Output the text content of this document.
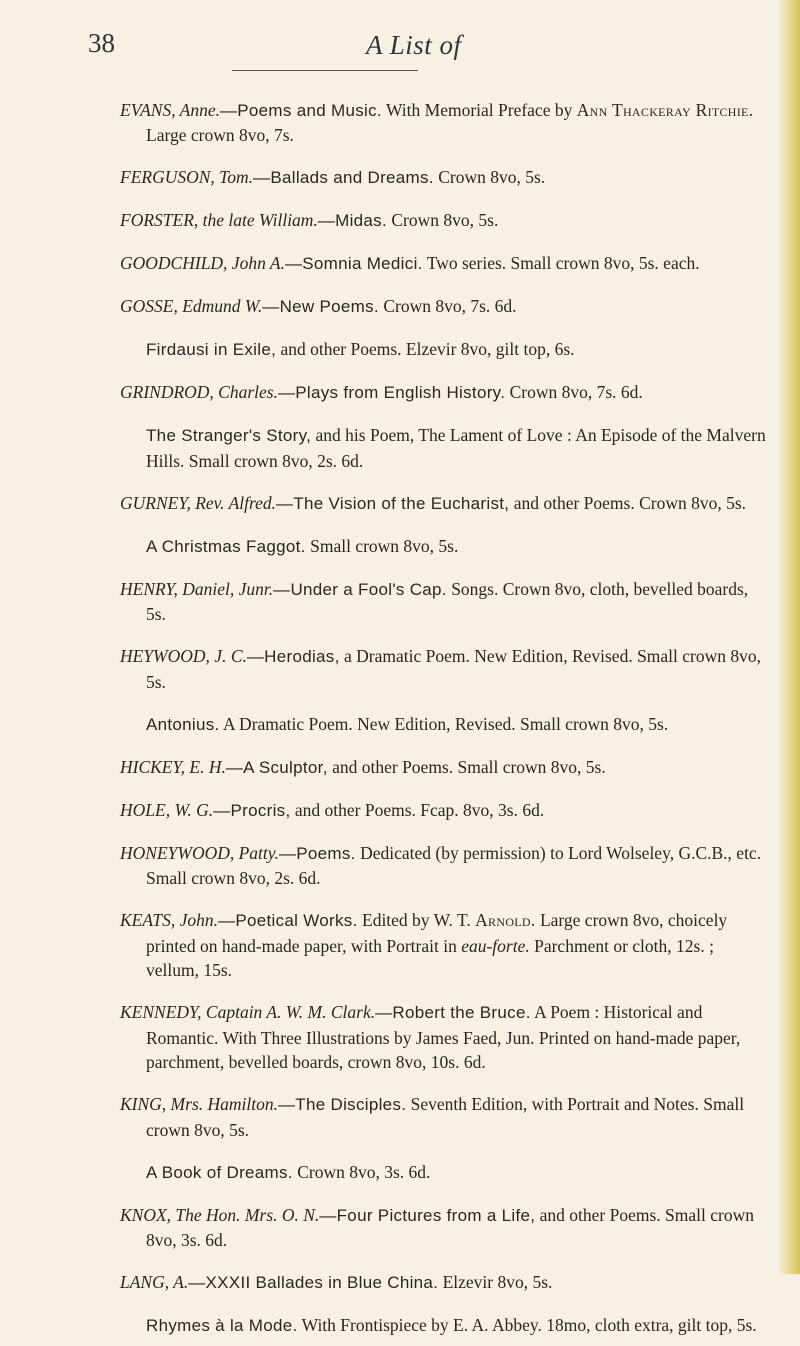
38	A List of

EVANS, Anne.—Poems and Music. With Memorial Preface by Ann Thackeray Ritchie. Large crown 8vo, 7s.

FERGUSON, Tom.—Ballads and Dreams. Crown 8vo, 5s.

FORSTER, the late William.—Midas. Crown 8vo, 5s.

GOODCHILD, John A.—Somnia Medici. Two series. Small crown 8vo, 5s. each.

GOSSE, Edmund W.—New Poems. Crown 8vo, 7s. 6d.

Firdausi in Exile, and other Poems. Elzevir 8vo, gilt top, 6s.

GRINDROD, Charles.—Plays from English History. Crown 8vo, 7s. 6d.

The Stranger's Story, and his Poem, The Lament of Love : An Episode of the Malvern Hills. Small crown 8vo, 2s. 6d.

GURNEY, Rev. Alfred.—The Vision of the Eucharist, and other Poems. Crown 8vo, 5s.

A Christmas Faggot. Small crown 8vo, 5s.

HENRY, Daniel, Junr.—Under a Fool's Cap. Songs. Crown 8vo, cloth, bevelled boards, 5s.

HEYWOOD, J. C.—Herodias, a Dramatic Poem. New Edition, Revised. Small crown 8vo, 5s.

Antonius. A Dramatic Poem. New Edition, Revised. Small crown 8vo, 5s.

HICKEY, E. H.—A Sculptor, and other Poems. Small crown 8vo, 5s.

HOLE, W. G.—Procris, and other Poems. Fcap. 8vo, 3s. 6d.

HONEYWOOD, Patty.—Poems. Dedicated (by permission) to Lord Wolseley, G.C.B., etc. Small crown 8vo, 2s. 6d.

KEATS, John.—Poetical Works. Edited by W. T. Arnold. Large crown 8vo, choicely printed on hand-made paper, with Portrait in eau-forte. Parchment or cloth, 12s. ; vellum, 15s.

KENNEDY, Captain A. W. M. Clark.—Robert the Bruce. A Poem : Historical and Romantic. With Three Illustrations by James Faed, Jun. Printed on hand-made paper, parchment, bevelled boards, crown 8vo, 10s. 6d.

KING, Mrs. Hamilton.—The Disciples. Seventh Edition, with Portrait and Notes. Small crown 8vo, 5s.

A Book of Dreams. Crown 8vo, 3s. 6d.

KNOX, The Hon. Mrs. O. N.—Four Pictures from a Life, and other Poems. Small crown 8vo, 3s. 6d.

LANG, A.—XXXII Ballades in Blue China. Elzevir 8vo, 5s.

Rhymes à la Mode. With Frontispiece by E. A. Abbey. 18mo, cloth extra, gilt top, 5s.
